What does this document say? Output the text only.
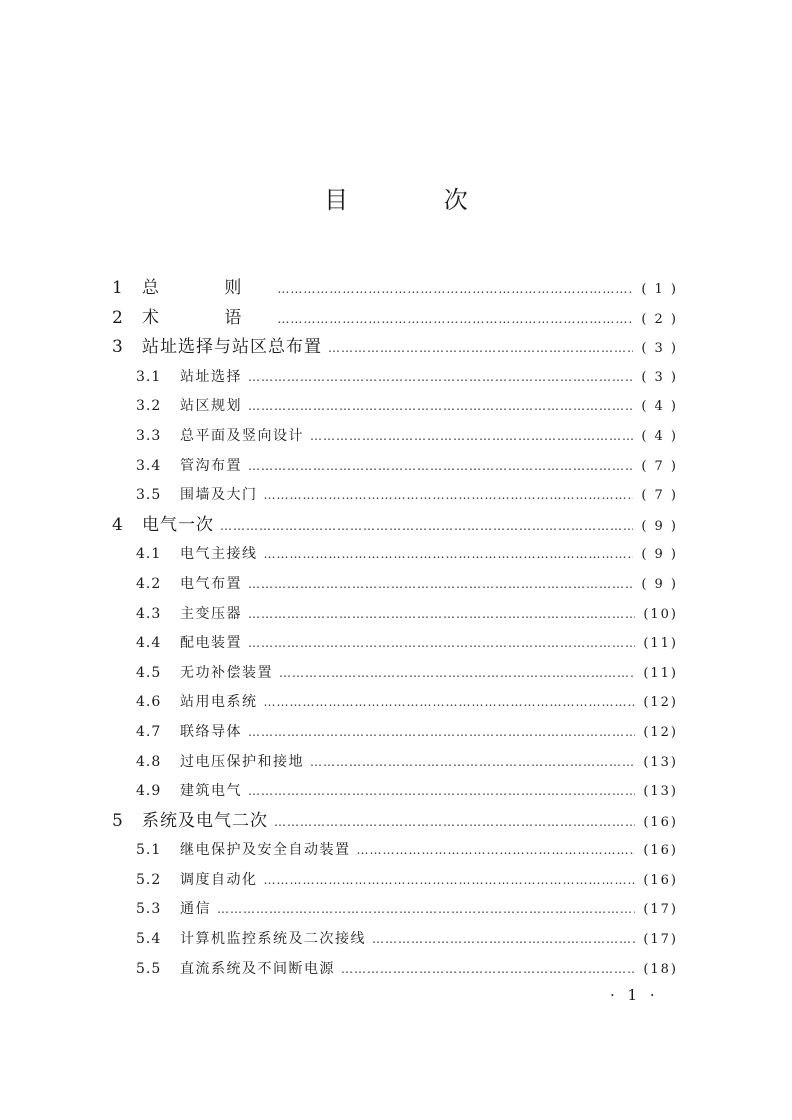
目 次
1	总 则 ………………………………………………………………………………………………………………………………………………………	( 1 )
2	术 语 ………………………………………………………………………………………………………………………………………………………	( 2 )
3	站址选择与站区总布置 ………………………………………………………………………………………………………………………………………………………	( 3 )
3.1	站址选择 ………………………………………………………………………………………………………………………………………………………	( 3 )
3.2	站区规划 ………………………………………………………………………………………………………………………………………………………	( 4 )
3.3	总平面及竖向设计 ………………………………………………………………………………………………………………………………………………………	( 4 )
3.4	管沟布置 ………………………………………………………………………………………………………………………………………………………	( 7 )
3.5	围墙及大门 ………………………………………………………………………………………………………………………………………………………	( 7 )
4	电气一次 ………………………………………………………………………………………………………………………………………………………	( 9 )
4.1	电气主接线 ………………………………………………………………………………………………………………………………………………………	( 9 )
4.2	电气布置 ………………………………………………………………………………………………………………………………………………………	( 9 )
4.3	主变压器 ………………………………………………………………………………………………………………………………………………………	(10)
4.4	配电装置 ………………………………………………………………………………………………………………………………………………………	(11)
4.5	无功补偿装置 ………………………………………………………………………………………………………………………………………………………	(11)
4.6	站用电系统 ………………………………………………………………………………………………………………………………………………………	(12)
4.7	联络导体 ………………………………………………………………………………………………………………………………………………………	(12)
4.8	过电压保护和接地 ………………………………………………………………………………………………………………………………………………………	(13)
4.9	建筑电气 ………………………………………………………………………………………………………………………………………………………	(13)
5	系统及电气二次 ………………………………………………………………………………………………………………………………………………………	(16)
5.1	继电保护及安全自动装置 ………………………………………………………………………………………………………………………………………………………	(16)
5.2	调度自动化 ………………………………………………………………………………………………………………………………………………………	(16)
5.3	通信 ………………………………………………………………………………………………………………………………………………………	(17)
5.4	计算机监控系统及二次接线 ………………………………………………………………………………………………………………………………………………………	(17)
5.5	直流系统及不间断电源 ………………………………………………………………………………………………………………………………………………………	(18)
· 1 ·
